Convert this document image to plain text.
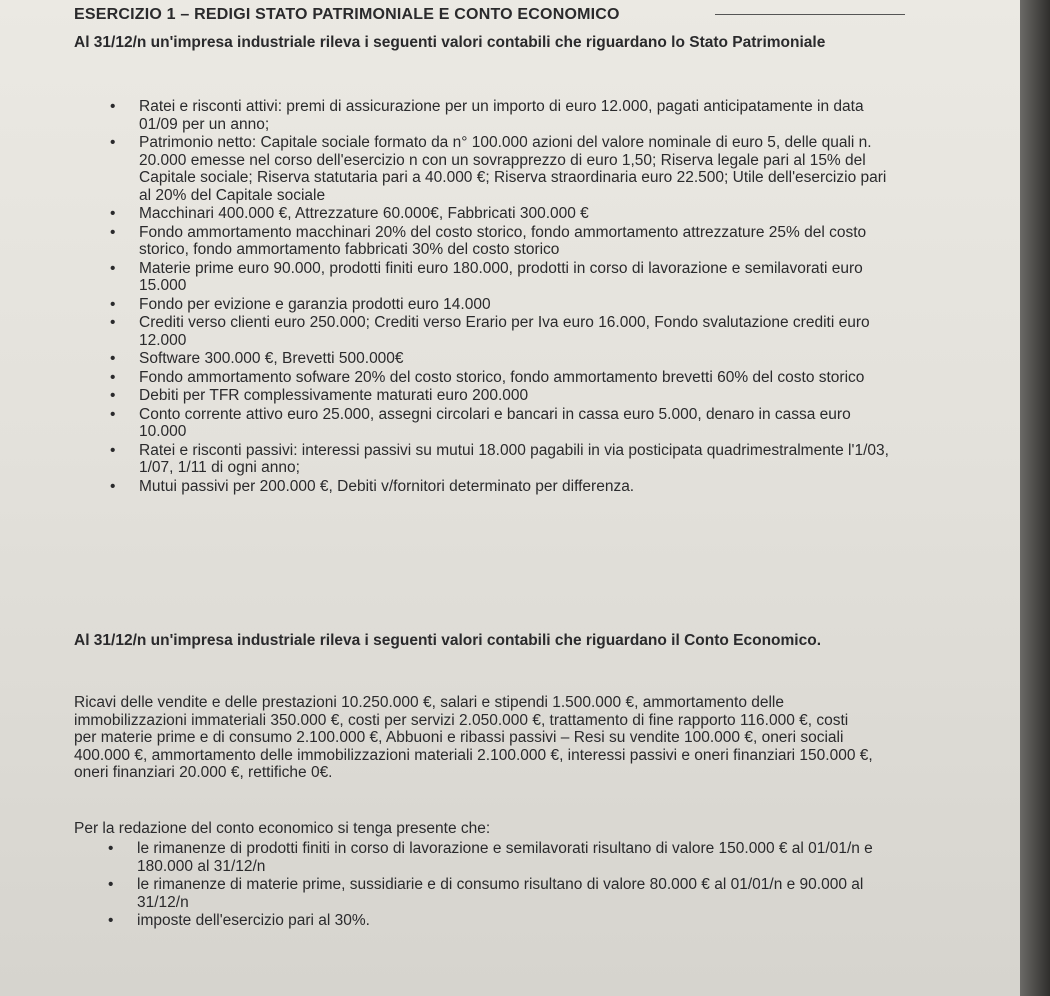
ESERCIZIO 1 – REDIGI STATO PATRIMONIALE E CONTO ECONOMICO
Al 31/12/n un'impresa industriale rileva i seguenti valori contabili che riguardano lo Stato Patrimoniale
• Ratei e risconti attivi: premi di assicurazione per un importo di euro 12.000, pagati anticipatamente in data 01/09 per un anno;
• Patrimonio netto: Capitale sociale formato da n° 100.000 azioni del valore nominale di euro 5, delle quali n. 20.000 emesse nel corso dell'esercizio n con un sovrapprezzo di euro 1,50; Riserva legale pari al 15% del Capitale sociale; Riserva statutaria pari a 40.000 €; Riserva straordinaria euro 22.500; Utile dell'esercizio pari al 20% del Capitale sociale
• Macchinari 400.000 €, Attrezzature 60.000€, Fabbricati 300.000 €
• Fondo ammortamento macchinari 20% del costo storico, fondo ammortamento attrezzature 25% del costo storico, fondo ammortamento fabbricati 30% del costo storico
• Materie prime euro 90.000, prodotti finiti euro 180.000, prodotti in corso di lavorazione e semilavorati euro 15.000
• Fondo per evizione e garanzia prodotti euro 14.000
• Crediti verso clienti euro 250.000; Crediti verso Erario per Iva euro 16.000, Fondo svalutazione crediti euro 12.000
• Software 300.000 €, Brevetti 500.000€
• Fondo ammortamento sofware 20% del costo storico, fondo ammortamento brevetti 60% del costo storico
• Debiti per TFR complessivamente maturati euro 200.000
• Conto corrente attivo euro 25.000, assegni circolari e bancari in cassa euro 5.000, denaro in cassa euro 10.000
• Ratei e risconti passivi: interessi passivi su mutui 18.000 pagabili in via posticipata quadrimestralmente l'1/03, 1/07, 1/11 di ogni anno;
• Mutui passivi per 200.000 €, Debiti v/fornitori determinato per differenza.
Al 31/12/n un'impresa industriale rileva i seguenti valori contabili che riguardano il Conto Economico.
Ricavi delle vendite e delle prestazioni 10.250.000 €, salari e stipendi 1.500.000 €, ammortamento delle immobilizzazioni immateriali 350.000 €, costi per servizi 2.050.000 €, trattamento di fine rapporto 116.000 €, costi per materie prime e di consumo 2.100.000 €, Abbuoni e ribassi passivi – Resi su vendite 100.000 €, oneri sociali 400.000 €, ammortamento delle immobilizzazioni materiali 2.100.000 €, interessi passivi e oneri finanziari 150.000 €, oneri finanziari 20.000 €, rettifiche 0€.
Per la redazione del conto economico si tenga presente che:
• le rimanenze di prodotti finiti in corso di lavorazione e semilavorati risultano di valore 150.000 € al 01/01/n e 180.000 al 31/12/n
• le rimanenze di materie prime, sussidiarie e di consumo risultano di valore 80.000 € al 01/01/n e 90.000 al 31/12/n
• imposte dell'esercizio pari al 30%.
